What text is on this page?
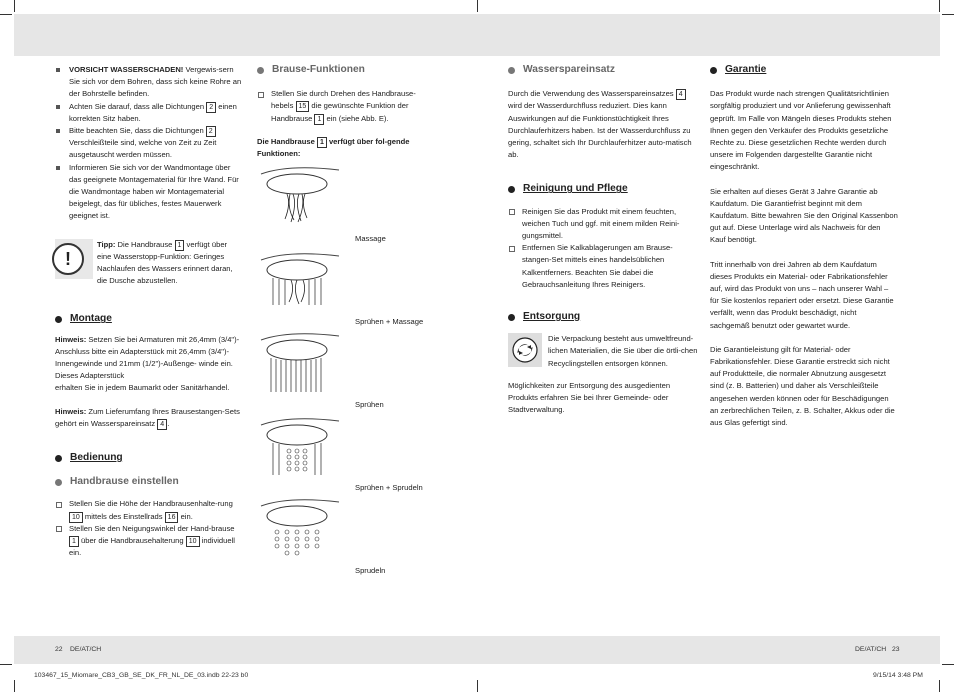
VORSICHT WASSERSCHADEN! Vergewis-sern Sie sich vor dem Bohren, dass sich keine Rohre an der Bohrstelle befinden.
Achten Sie darauf, dass alle Dichtungen 2 einen korrekten Sitz haben.
Bitte beachten Sie, dass die Dichtungen 2 Verschleißteile sind, welche von Zeit zu Zeit ausgetauscht werden müssen.
Informieren Sie sich vor der Wandmontage über das geeignete Montagematerial für Ihre Wand. Für die Wandmontage haben wir Montagematerial beigelegt, das für übliches, festes Mauerwerk geeignet ist.
!

Tipp: Die Handbrause 1 verfügt über eine Wasserstopp-Funktion: Geringes Nachlaufen des Wassers erinnert daran, die Dusche abzustellen.

Montage

Hinweis: Setzen Sie bei Armaturen mit 26,4mm (3/4")-Anschluss bitte ein Adapterstück mit 26,4mm (3/4")-Innengewinde und 21mm (1/2")-Außenge- winde ein. Dieses Adapterstück
erhalten Sie in jedem Baumarkt oder Sanitärhandel.

Hinweis: Zum Lieferumfang Ihres Brausestangen-Sets gehört ein Wasserspareinsatz 4 .

Bedienung
Handbrause einstellen
Stellen Sie die Höhe der Handbrausenhalte-rung 10 mittels des Einstellrads 16 ein.
Stellen Sie den Neigungswinkel der Hand-brause 1 über die Handbrausehalterung 10 individuell ein.
Brause-Funktionen
Stellen Sie durch Drehen des Handbrause-hebels 15 die gewünschte Funktion der Handbrause 1 ein (siehe Abb. E).

Die Handbrause 1 verfügt über fol-gende Funktionen:

Massage
Sprühen + Massage
Sprühen
Sprühen + Sprudeln
Sprudeln
Wasserspareinsatz

Durch die Verwendung des Wasserspareinsatzes 4 wird der Wasserdurchfluss reduziert. Dies kann Auswirkungen auf die Funktionstüchtigkeit Ihres Durchlauferhitzers haben. Ist der Wasserdurchfluss zu gering, schaltet sich Ihr Durchlauferhitzer auto-matisch ab.

Reinigung und Pflege
Reinigen Sie das Produkt mit einem feuchten, weichen Tuch und ggf. mit einem milden Reini-gungsmittel.
Entfernen Sie Kalkablagerungen am Brause-stangen-Set mittels eines handelsüblichen Kalkentferners. Beachten Sie dabei die Gebrauchsanleitung Ihres Reinigers.
Entsorgung

Die Verpackung besteht aus umweltfreund-lichen Materialien, die Sie über die örtli-chen Recyclingstellen entsorgen können.

Möglichkeiten zur Entsorgung des ausgedienten Produkts erfahren Sie bei Ihrer Gemeinde- oder Stadtverwaltung.

Garantie

Das Produkt wurde nach strengen Qualitätsrichtlinien sorgfältig produziert und vor Anlieferung gewissenhaft geprüft. Im Falle von Mängeln dieses Produkts stehen Ihnen gegen den Verkäufer des Produkts gesetzliche Rechte zu. Diese gesetzlichen Rechte werden durch unsere im Folgenden dargestellte Garantie nicht eingeschränkt.

Sie erhalten auf dieses Gerät 3 Jahre Garantie ab Kaufdatum. Die Garantiefrist beginnt mit dem Kaufdatum. Bitte bewahren Sie den Original Kassenbon gut auf. Diese Unterlage wird als Nachweis für den Kauf benötigt.

Tritt innerhalb von drei Jahren ab dem Kaufdatum dieses Produkts ein Material- oder Fabrikationsfehler auf, wird das Produkt von uns – nach unserer Wahl – für Sie kostenlos repariert oder ersetzt. Diese Garantie verfällt, wenn das Produkt beschädigt, nicht sachgemäß benutzt oder gewartet wurde.

Die Garantieleistung gilt für Material- oder Fabrikationsfehler. Diese Garantie erstreckt sich nicht auf Produktteile, die normaler Abnutzung ausgesetzt sind (z. B. Batterien) und daher als Verschleißteile angesehen werden können oder für Beschädigungen an zerbrechlichen Teilen, z. B. Schalter, Akkus oder die aus Glas gefertigt sind.

22 DE/AT/CH	DE/AT/CH 23
103467_15_Miomare_CB3_GB_SE_DK_FR_NL_DE_03.indb 22-23 b0	9/15/14 3:48 PM
